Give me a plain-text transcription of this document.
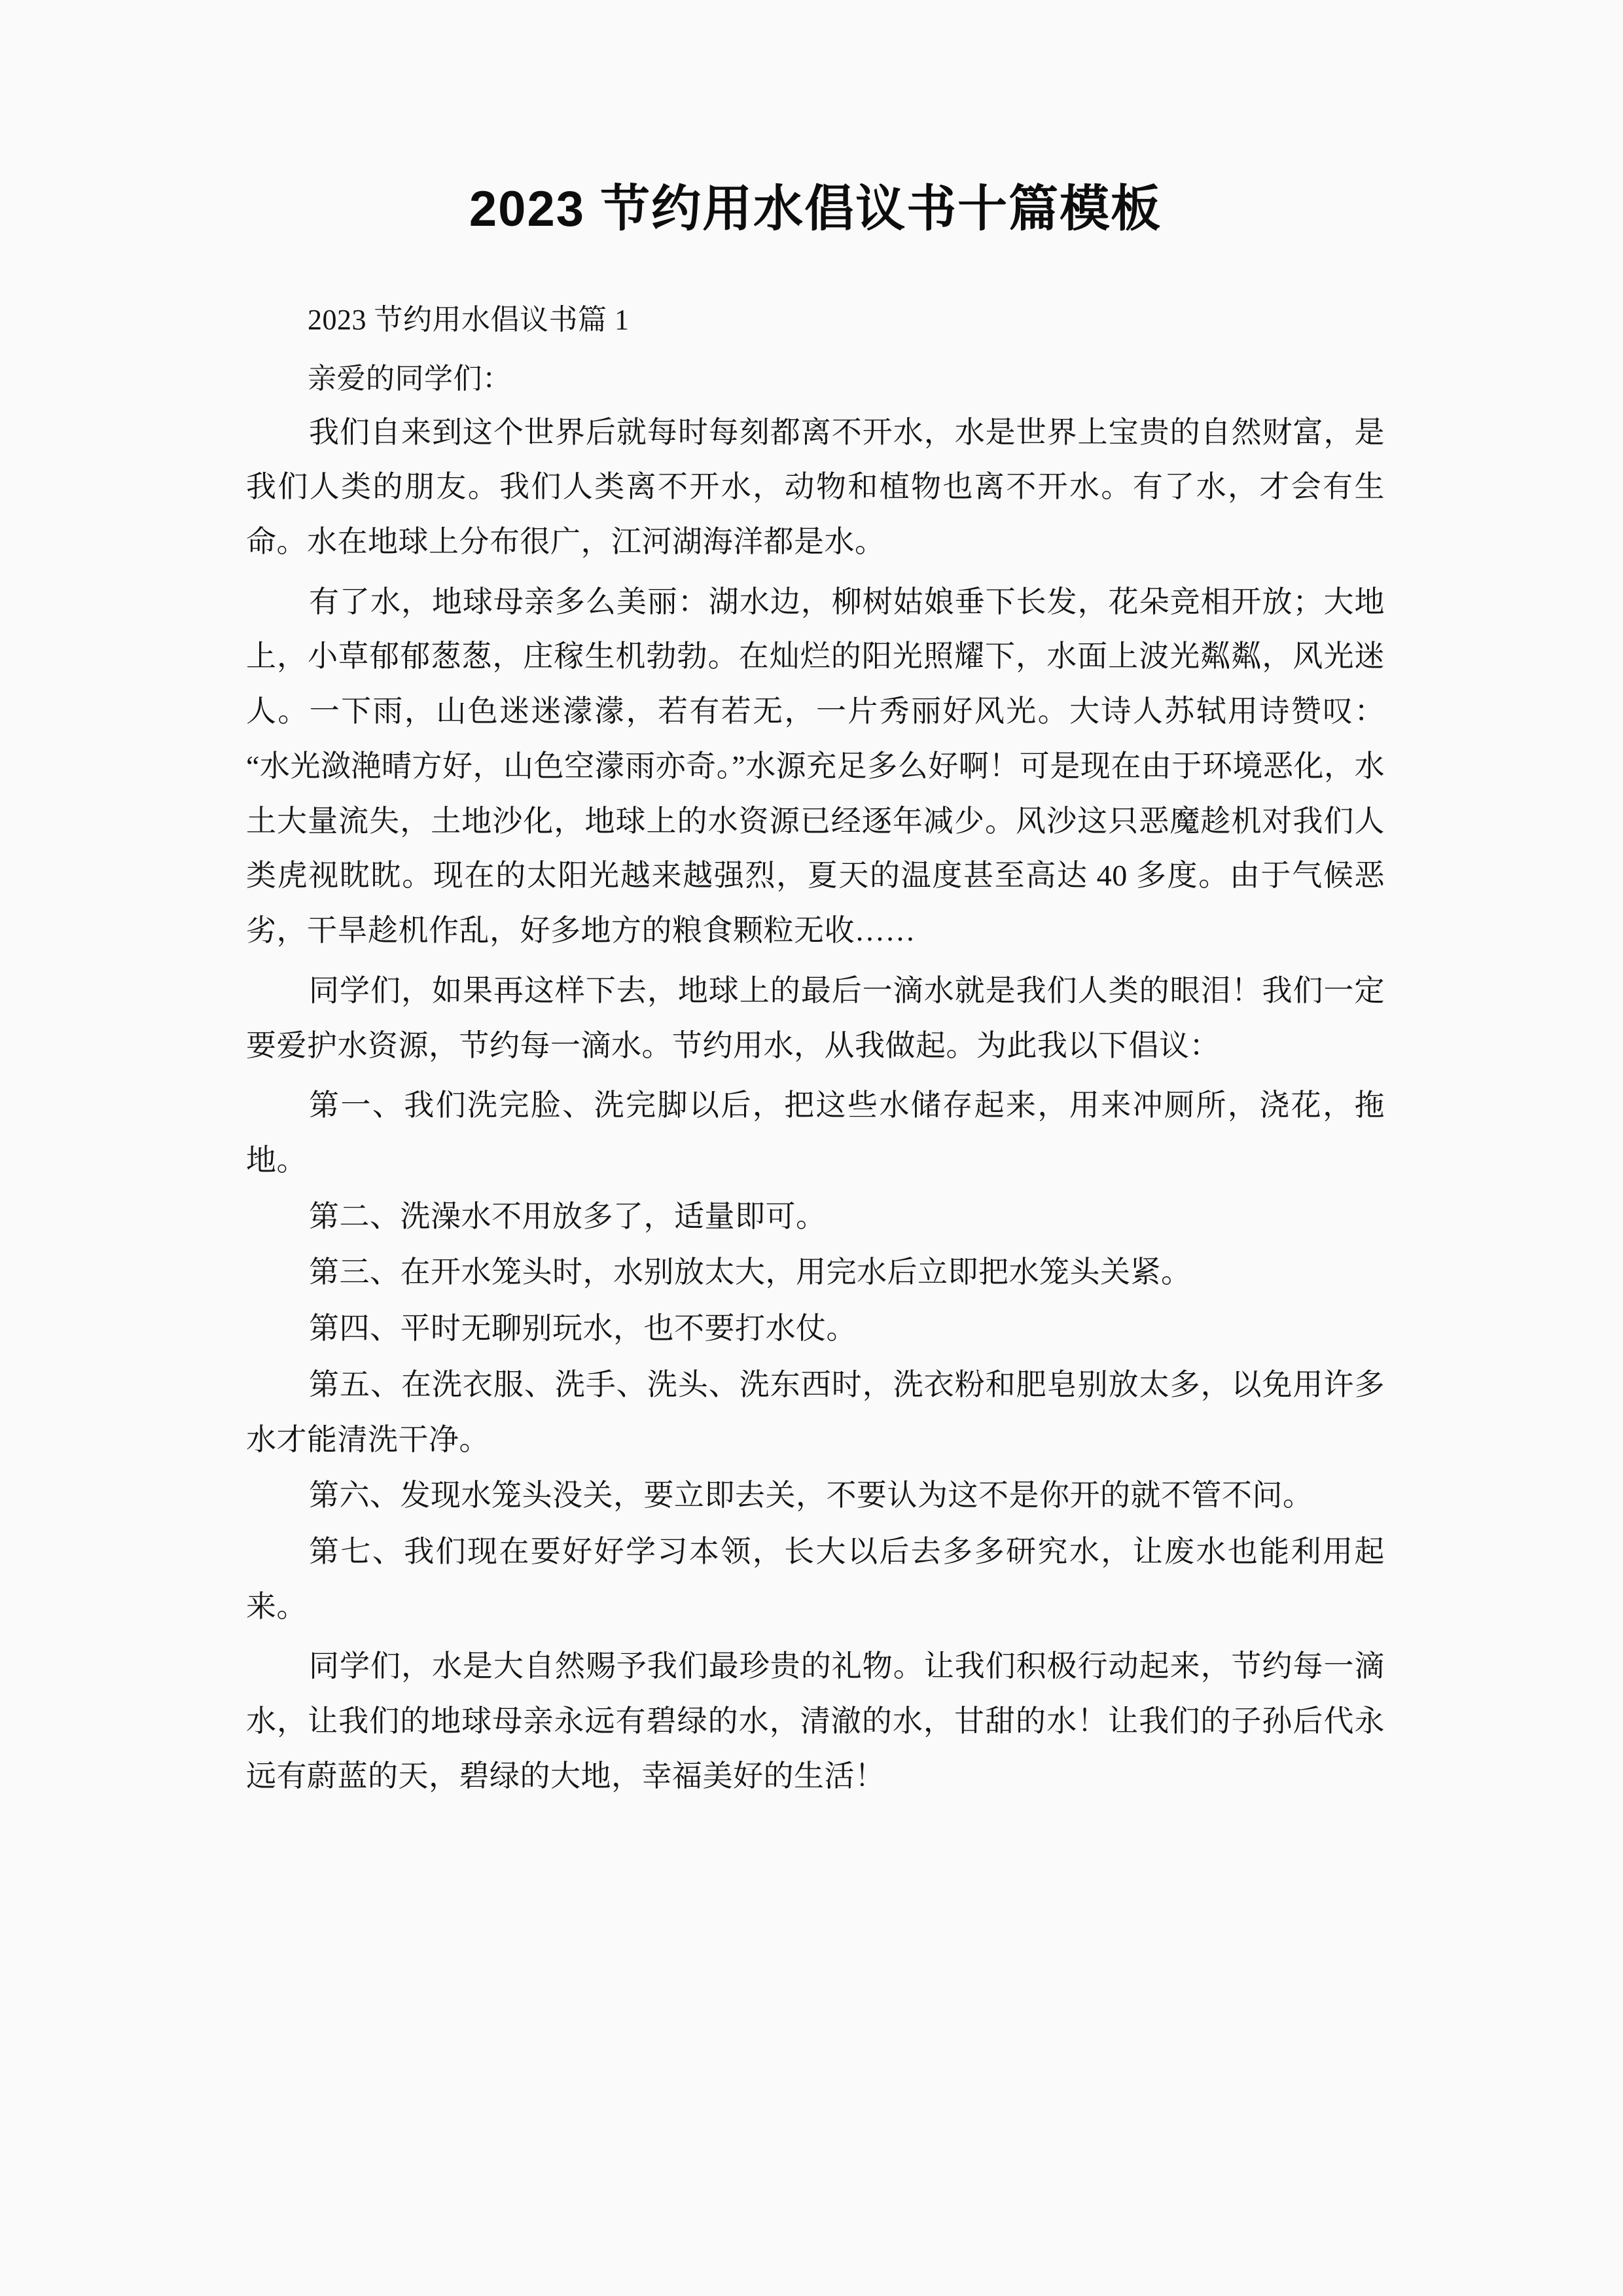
2023 节约用水倡议书十篇模板

2023 节约用水倡议书篇 1

亲爱的同学们：

我们自来到这个世界后就每时每刻都离不开水，水是世界上宝贵的自然财富，是我们人类的朋友。我们人类离不开水，动物和植物也离不开水。有了水，才会有生命。水在地球上分布很广，江河湖海洋都是水。

有了水，地球母亲多么美丽：湖水边，柳树姑娘垂下长发，花朵竞相开放；大地上，小草郁郁葱葱，庄稼生机勃勃。在灿烂的阳光照耀下，水面上波光粼粼，风光迷人。一下雨，山色迷迷濛濛，若有若无，一片秀丽好风光。大诗人苏轼用诗赞叹：“水光潋滟晴方好，山色空濛雨亦奇。”水源充足多么好啊！可是现在由于环境恶化，水土大量流失，土地沙化，地球上的水资源已经逐年减少。风沙这只恶魔趁机对我们人类虎视眈眈。现在的太阳光越来越强烈，夏天的温度甚至高达 40 多度。由于气候恶劣，干旱趁机作乱，好多地方的粮食颗粒无收……

同学们，如果再这样下去，地球上的最后一滴水就是我们人类的眼泪！我们一定要爱护水资源，节约每一滴水。节约用水，从我做起。为此我以下倡议：

第一、我们洗完脸、洗完脚以后，把这些水储存起来，用来冲厕所，浇花，拖地。

第二、洗澡水不用放多了，适量即可。

第三、在开水笼头时，水别放太大，用完水后立即把水笼头关紧。

第四、平时无聊别玩水，也不要打水仗。

第五、在洗衣服、洗手、洗头、洗东西时，洗衣粉和肥皂别放太多，以免用许多水才能清洗干净。

第六、发现水笼头没关，要立即去关，不要认为这不是你开的就不管不问。

第七、我们现在要好好学习本领，长大以后去多多研究水，让废水也能利用起来。

同学们，水是大自然赐予我们最珍贵的礼物。让我们积极行动起来，节约每一滴水，让我们的地球母亲永远有碧绿的水，清澈的水，甘甜的水！让我们的子孙后代永远有蔚蓝的天，碧绿的大地，幸福美好的生活！
